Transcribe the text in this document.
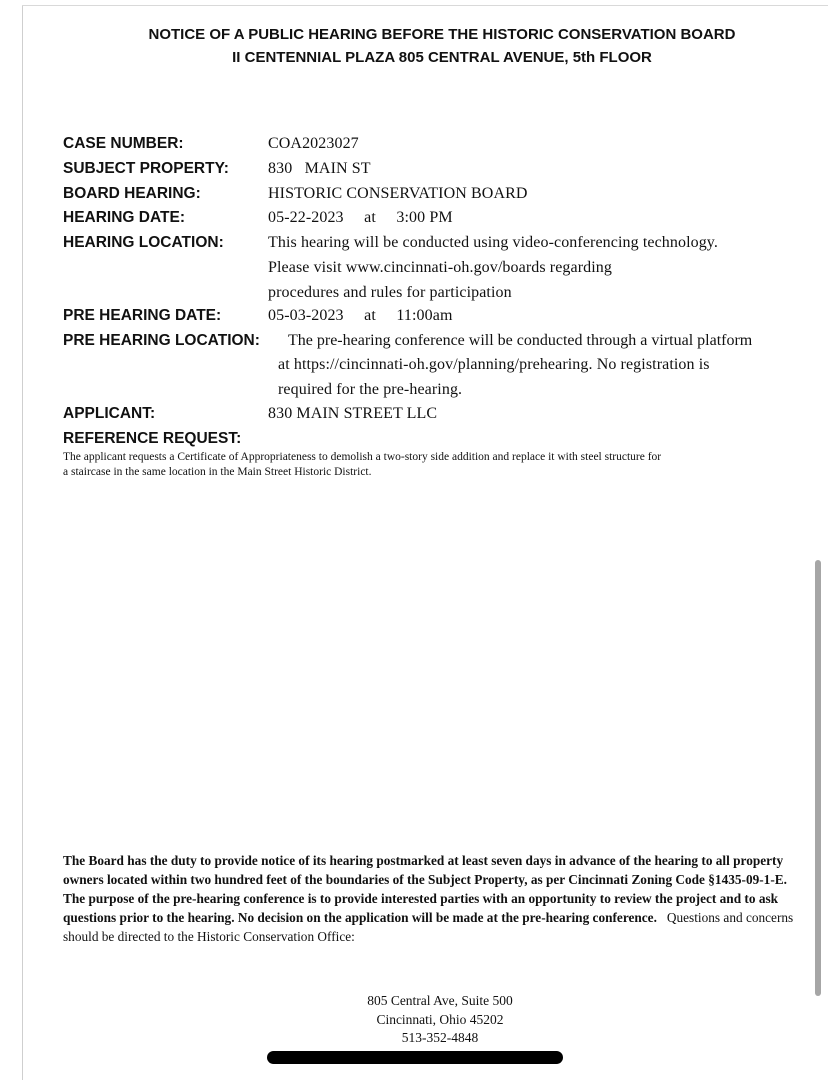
NOTICE OF A PUBLIC HEARING BEFORE THE HISTORIC CONSERVATION BOARD
II CENTENNIAL PLAZA 805 CENTRAL AVENUE, 5th FLOOR
CASE NUMBER:	COA2023027
SUBJECT PROPERTY: 830   MAIN ST
BOARD HEARING:	HISTORIC CONSERVATION BOARD
HEARING DATE:	05-22-2023     at     3:00 PM
HEARING LOCATION:	This hearing will be conducted using video-conferencing technology.
Please visit www.cincinnati-oh.gov/boards regarding
procedures and rules for participation
PRE HEARING DATE:	05-03-2023     at     11:00am
PRE HEARING LOCATION: The pre-hearing conference will be conducted through a virtual platform
at https://cincinnati-oh.gov/planning/prehearing. No registration is
required for the pre-hearing.
APPLICANT:	830 MAIN STREET LLC
REFERENCE REQUEST:
The applicant requests a Certificate of Appropriateness to demolish a two-story side addition and replace it with steel structure for
a staircase in the same location in the Main Street Historic District.
The Board has the duty to provide notice of its hearing postmarked at least seven days in advance of the hearing to all property owners located within two hundred feet of the boundaries of the Subject Property, as per Cincinnati Zoning Code §1435-09-1-E. The purpose of the pre-hearing conference is to provide interested parties with an opportunity to review the project and to ask questions prior to the hearing. No decision on the application will be made at the pre-hearing conference. Questions and concerns should be directed to the Historic Conservation Office:
805 Central Ave, Suite 500
Cincinnati, Ohio 45202
513-352-4848
